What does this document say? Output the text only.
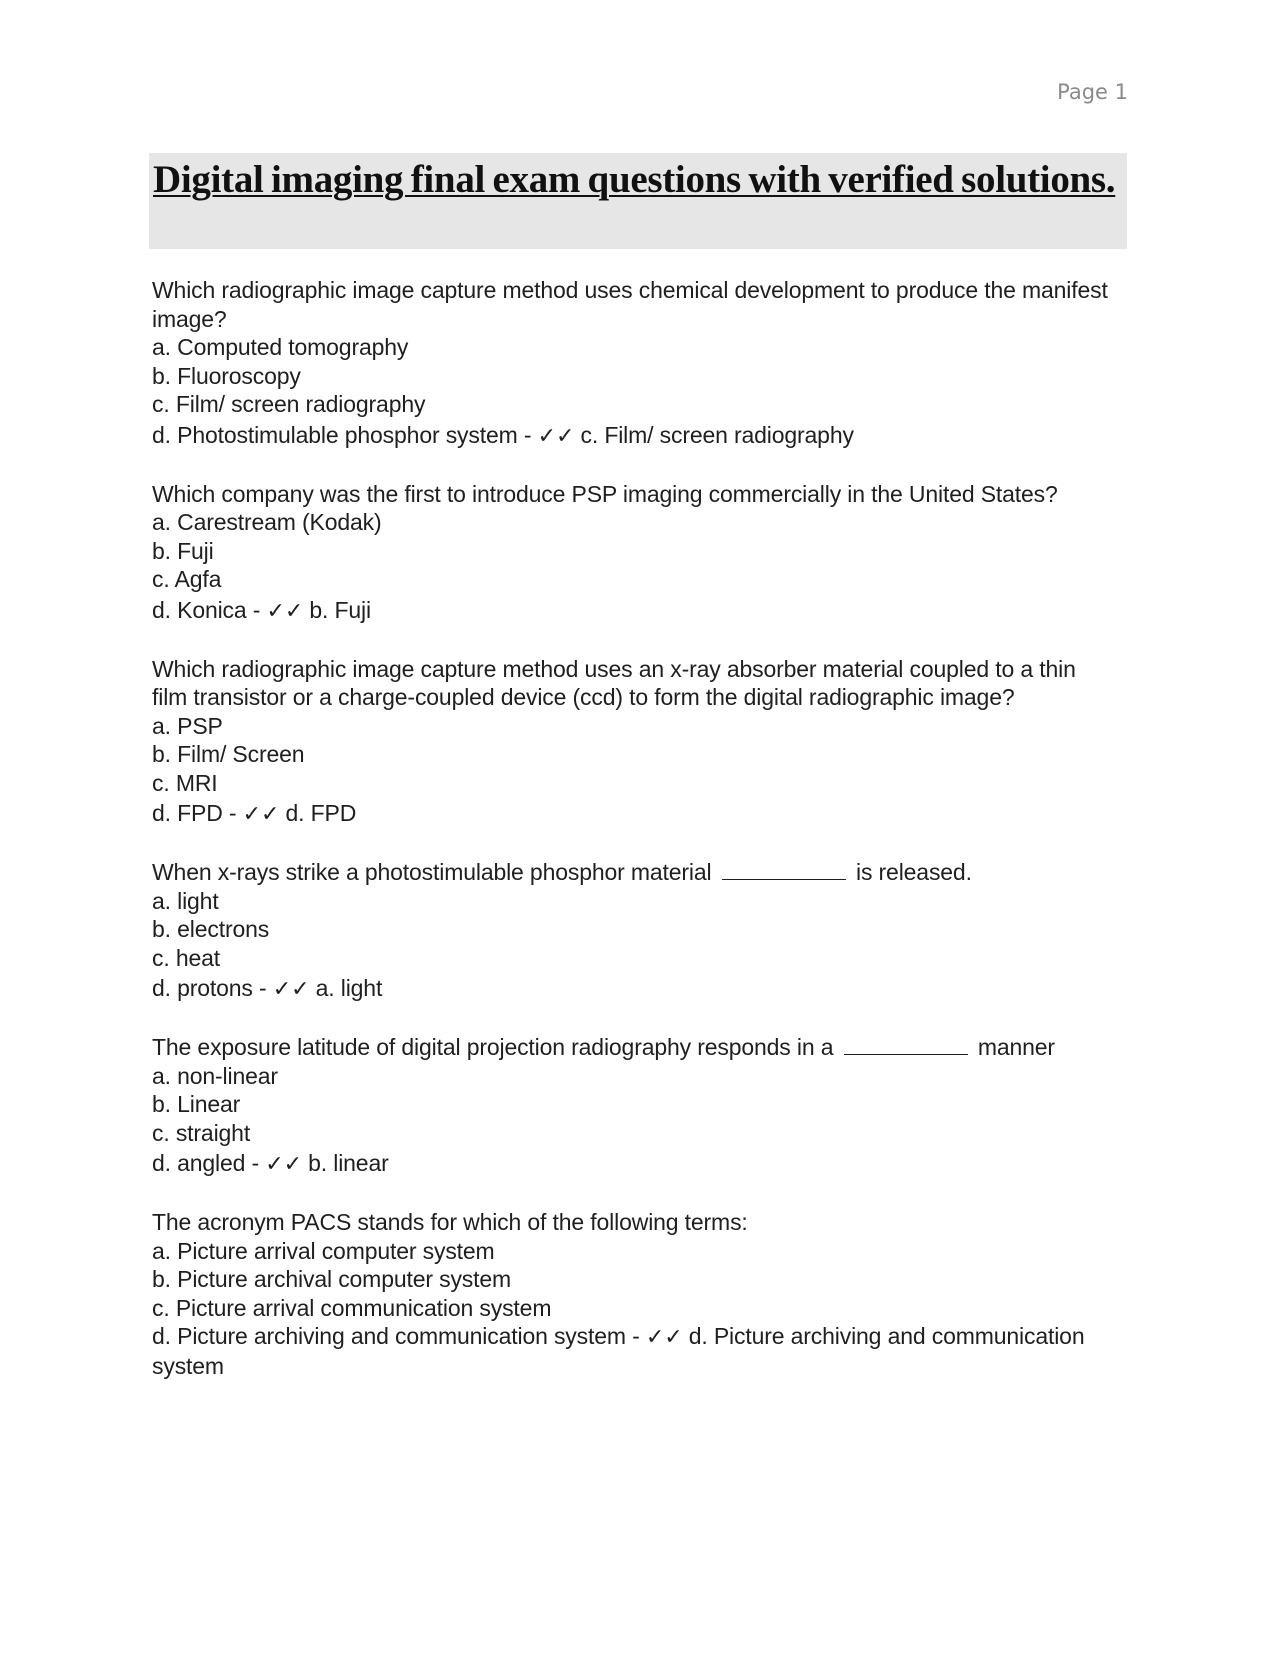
Page 1
Digital imaging final exam questions with verified solutions.
Which radiographic image capture method uses chemical development to produce the manifest image?
a. Computed tomography
b. Fluoroscopy
c. Film/ screen radiography
d. Photostimulable phosphor system - ✓✓ c. Film/ screen radiography
Which company was the first to introduce PSP imaging commercially in the United States?
a. Carestream (Kodak)
b. Fuji
c. Agfa
d. Konica - ✓✓ b. Fuji
Which radiographic image capture method uses an x-ray absorber material coupled to a thin film transistor or a charge-coupled device (ccd) to form the digital radiographic image?
a. PSP
b. Film/ Screen
c. MRI
d. FPD - ✓✓ d. FPD
When x-rays strike a photostimulable phosphor material	is released.
a. light
b. electrons
c. heat
d. protons - ✓✓ a. light
The exposure latitude of digital projection radiography responds in a	manner
a. non-linear
b. Linear
c. straight
d. angled - ✓✓ b. linear
The acronym PACS stands for which of the following terms:
a. Picture arrival computer system
b. Picture archival computer system
c. Picture arrival communication system
d. Picture archiving and communication system - ✓✓ d. Picture archiving and communication system
